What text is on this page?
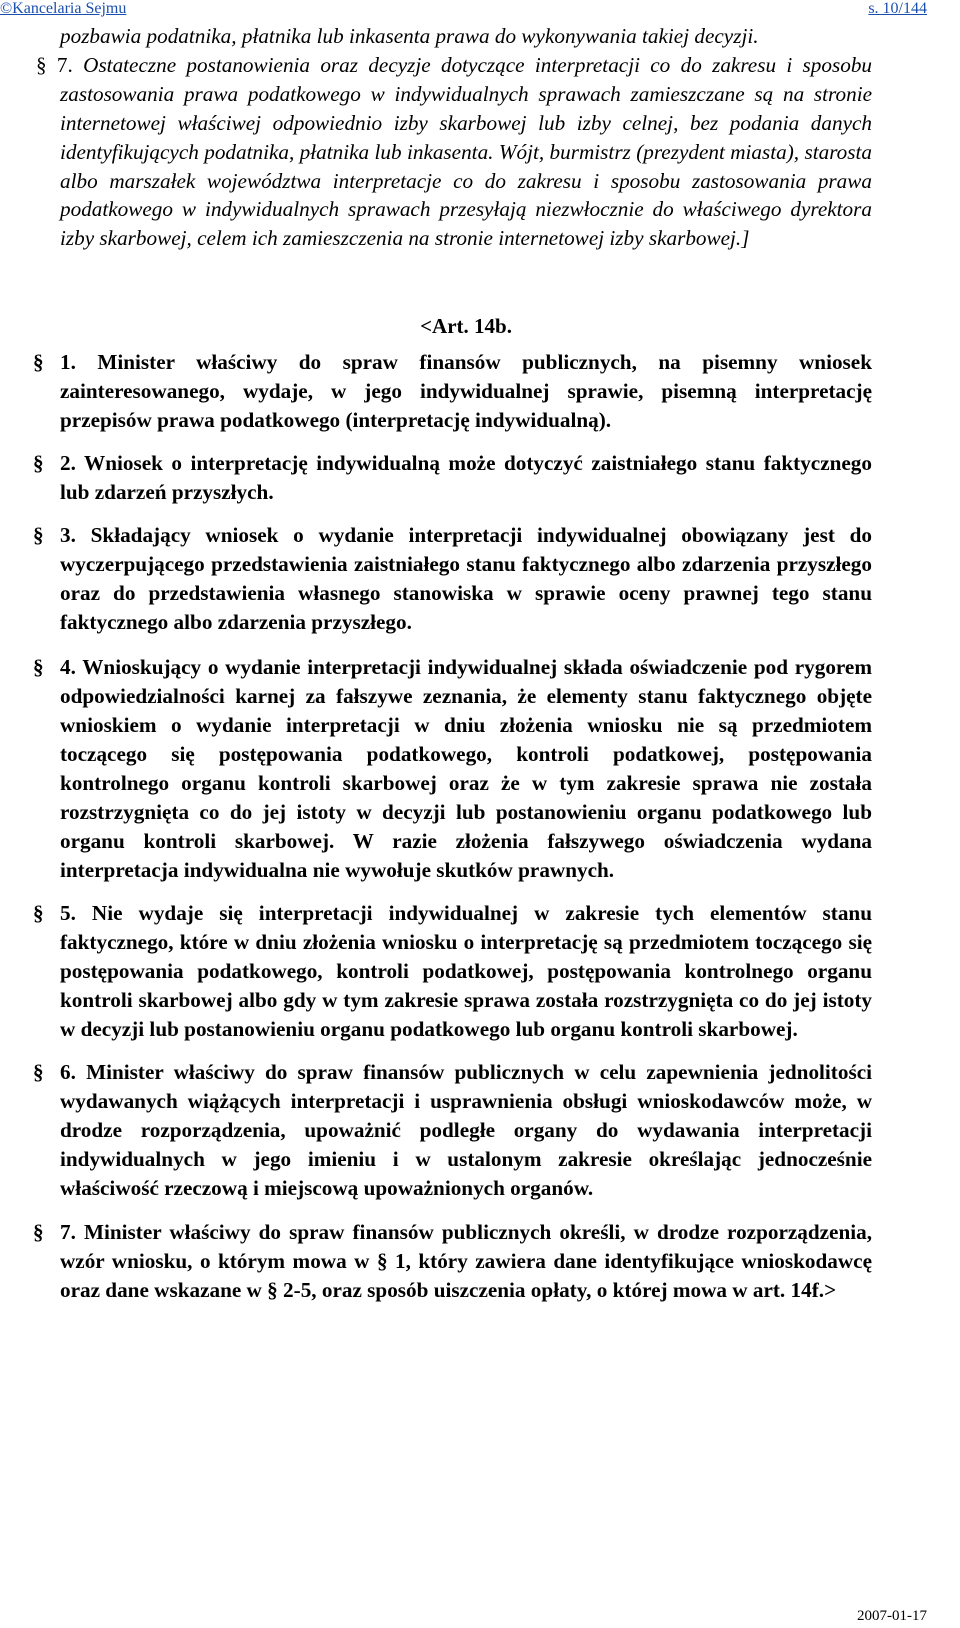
©Kancelaria Sejmu	s. 10/144

pozbawia podatnika, płatnika lub inkasenta prawa do wykonywania takiej decyzji.

§ 7. Ostateczne postanowienia oraz decyzje dotyczące interpretacji co do zakresu i sposobu zastosowania prawa podatkowego w indywidualnych sprawach zamieszczane są na stronie internetowej właściwej odpowiednio izby skarbowej lub izby celnej, bez podania danych identyfikujących podatnika, płatnika lub inkasenta. Wójt, burmistrz (prezydent miasta), starosta albo marszałek województwa interpretacje co do zakresu i sposobu zastosowania prawa podatkowego w indywidualnych sprawach przesyłają niezwłocznie do właściwego dyrektora izby skarbowej, celem ich zamieszczenia na stronie internetowej izby skarbowej.]

<Art. 14b.
§ 1. Minister właściwy do spraw finansów publicznych, na pisemny wniosek zainteresowanego, wydaje, w jego indywidualnej sprawie, pisemną interpretację przepisów prawa podatkowego (interpretację indywidualną).
§ 2. Wniosek o interpretację indywidualną może dotyczyć zaistniałego stanu faktycznego lub zdarzeń przyszłych.
§ 3. Składający wniosek o wydanie interpretacji indywidualnej obowiązany jest do wyczerpującego przedstawienia zaistniałego stanu faktycznego albo zdarzenia przyszłego oraz do przedstawienia własnego stanowiska w sprawie oceny prawnej tego stanu faktycznego albo zdarzenia przyszłego.
§ 4. Wnioskujący o wydanie interpretacji indywidualnej składa oświadczenie pod rygorem odpowiedzialności karnej za fałszywe zeznania, że elementy stanu faktycznego objęte wnioskiem o wydanie interpretacji w dniu złożenia wniosku nie są przedmiotem toczącego się postępowania podatkowego, kontroli podatkowej, postępowania kontrolnego organu kontroli skarbowej oraz że w tym zakresie sprawa nie została rozstrzygnięta co do jej istoty w decyzji lub postanowieniu organu podatkowego lub organu kontroli skarbowej. W razie złożenia fałszywego oświadczenia wydana interpretacja indywidualna nie wywołuje skutków prawnych.
§ 5. Nie wydaje się interpretacji indywidualnej w zakresie tych elementów stanu faktycznego, które w dniu złożenia wniosku o interpretację są przedmiotem toczącego się postępowania podatkowego, kontroli podatkowej, postępowania kontrolnego organu kontroli skarbowej albo gdy w tym zakresie sprawa została rozstrzygnięta co do jej istoty w decyzji lub postanowieniu organu podatkowego lub organu kontroli skarbowej.
§ 6. Minister właściwy do spraw finansów publicznych w celu zapewnienia jednolitości wydawanych wiążących interpretacji i usprawnienia obsługi wnioskodawców może, w drodze rozporządzenia, upoważnić podległe organy do wydawania interpretacji indywidualnych w jego imieniu i w ustalonym zakresie określając jednocześnie właściwość rzeczową i miejscową upoważnionych organów.
§ 7. Minister właściwy do spraw finansów publicznych określi, w drodze rozporządzenia, wzór wniosku, o którym mowa w § 1, który zawiera dane identyfikujące wnioskodawcę oraz dane wskazane w § 2-5, oraz sposób uiszczenia opłaty, o której mowa w art. 14f.>
2007-01-17
